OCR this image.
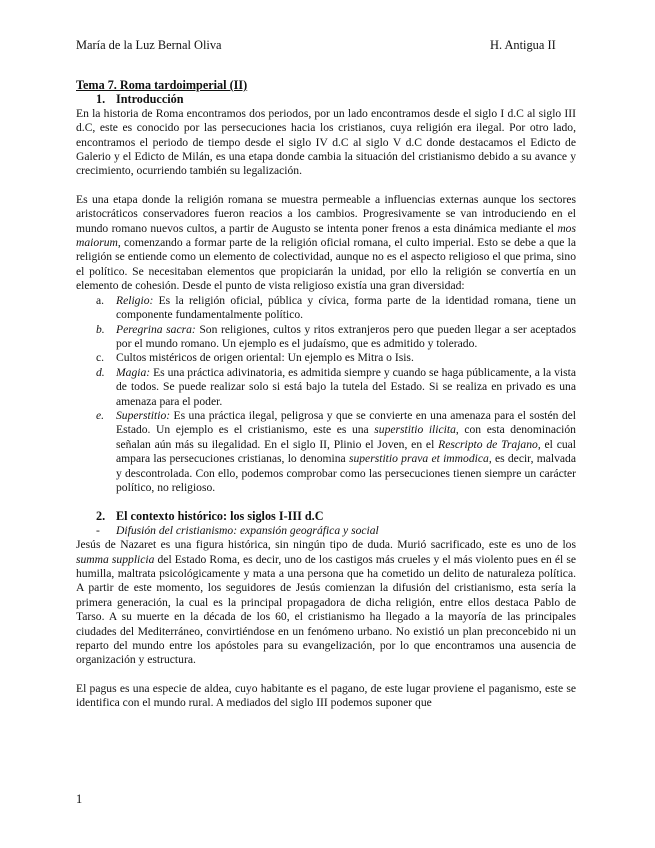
María de la Luz Bernal Oliva	H. Antigua II
Tema 7. Roma tardoimperial (II)
1. Introducción

En la historia de Roma encontramos dos periodos, por un lado encontramos desde el siglo I d.C al siglo III d.C, este es conocido por las persecuciones hacia los cristianos, cuya religión era ilegal. Por otro lado, encontramos el periodo de tiempo desde el siglo IV d.C al siglo V d.C donde destacamos el Edicto de Galerio y el Edicto de Milán, es una etapa donde cambia la situación del cristianismo debido a su avance y crecimiento, ocurriendo también su legalización.

Es una etapa donde la religión romana se muestra permeable a influencias externas aunque los sectores aristocráticos conservadores fueron reacios a los cambios. Progresivamente se van introduciendo en el mundo romano nuevos cultos, a partir de Augusto se intenta poner frenos a esta dinámica mediante el mos maiorum, comenzando a formar parte de la religión oficial romana, el culto imperial. Esto se debe a que la religión se entiende como un elemento de colectividad, aunque no es el aspecto religioso el que prima, sino el político. Se necesitaban elementos que propiciarán la unidad, por ello la religión se convertía en un elemento de cohesión. Desde el punto de vista religioso existía una gran diversidad:

a. Religio: Es la religión oficial, pública y cívica, forma parte de la identidad romana, tiene un componente fundamentalmente político.
b. Peregrina sacra: Son religiones, cultos y ritos extranjeros pero que pueden llegar a ser aceptados por el mundo romano. Un ejemplo es el judaísmo, que es admitido y tolerado.
c. Cultos mistéricos de origen oriental: Un ejemplo es Mitra o Isis.
d. Magia: Es una práctica adivinatoria, es admitida siempre y cuando se haga públicamente, a la vista de todos. Se puede realizar solo si está bajo la tutela del Estado. Si se realiza en privado es una amenaza para el poder.
e. Superstitio: Es una práctica ilegal, peligrosa y que se convierte en una amenaza para el sostén del Estado. Un ejemplo es el cristianismo, este es una superstitio ilicita, con esta denominación señalan aún más su ilegalidad. En el siglo II, Plinio el Joven, en el Rescripto de Trajano, el cual ampara las persecuciones cristianas, lo denomina superstitio prava et immodica, es decir, malvada y descontrolada. Con ello, podemos comprobar como las persecuciones tienen siempre un carácter político, no religioso.
2. El contexto histórico: los siglos I-III d.C
- Difusión del cristianismo: expansión geográfica y social

Jesús de Nazaret es una figura histórica, sin ningún tipo de duda. Murió sacrificado, este es uno de los summa supplicia del Estado Roma, es decir, uno de los castigos más crueles y el más violento pues en él se humilla, maltrata psicológicamente y mata a una persona que ha cometido un delito de naturaleza política. A partir de este momento, los seguidores de Jesús comienzan la difusión del cristianismo, esta sería la primera generación, la cual es la principal propagadora de dicha religión, entre ellos destaca Pablo de Tarso. A su muerte en la década de los 60, el cristianismo ha llegado a la mayoría de las principales ciudades del Mediterráneo, convirtiéndose en un fenómeno urbano. No existió un plan preconcebido ni un reparto del mundo entre los apóstoles para su evangelización, por lo que encontramos una ausencia de organización y estructura.

El pagus es una especie de aldea, cuyo habitante es el pagano, de este lugar proviene el paganismo, este se identifica con el mundo rural. A mediados del siglo III podemos suponer que

1
